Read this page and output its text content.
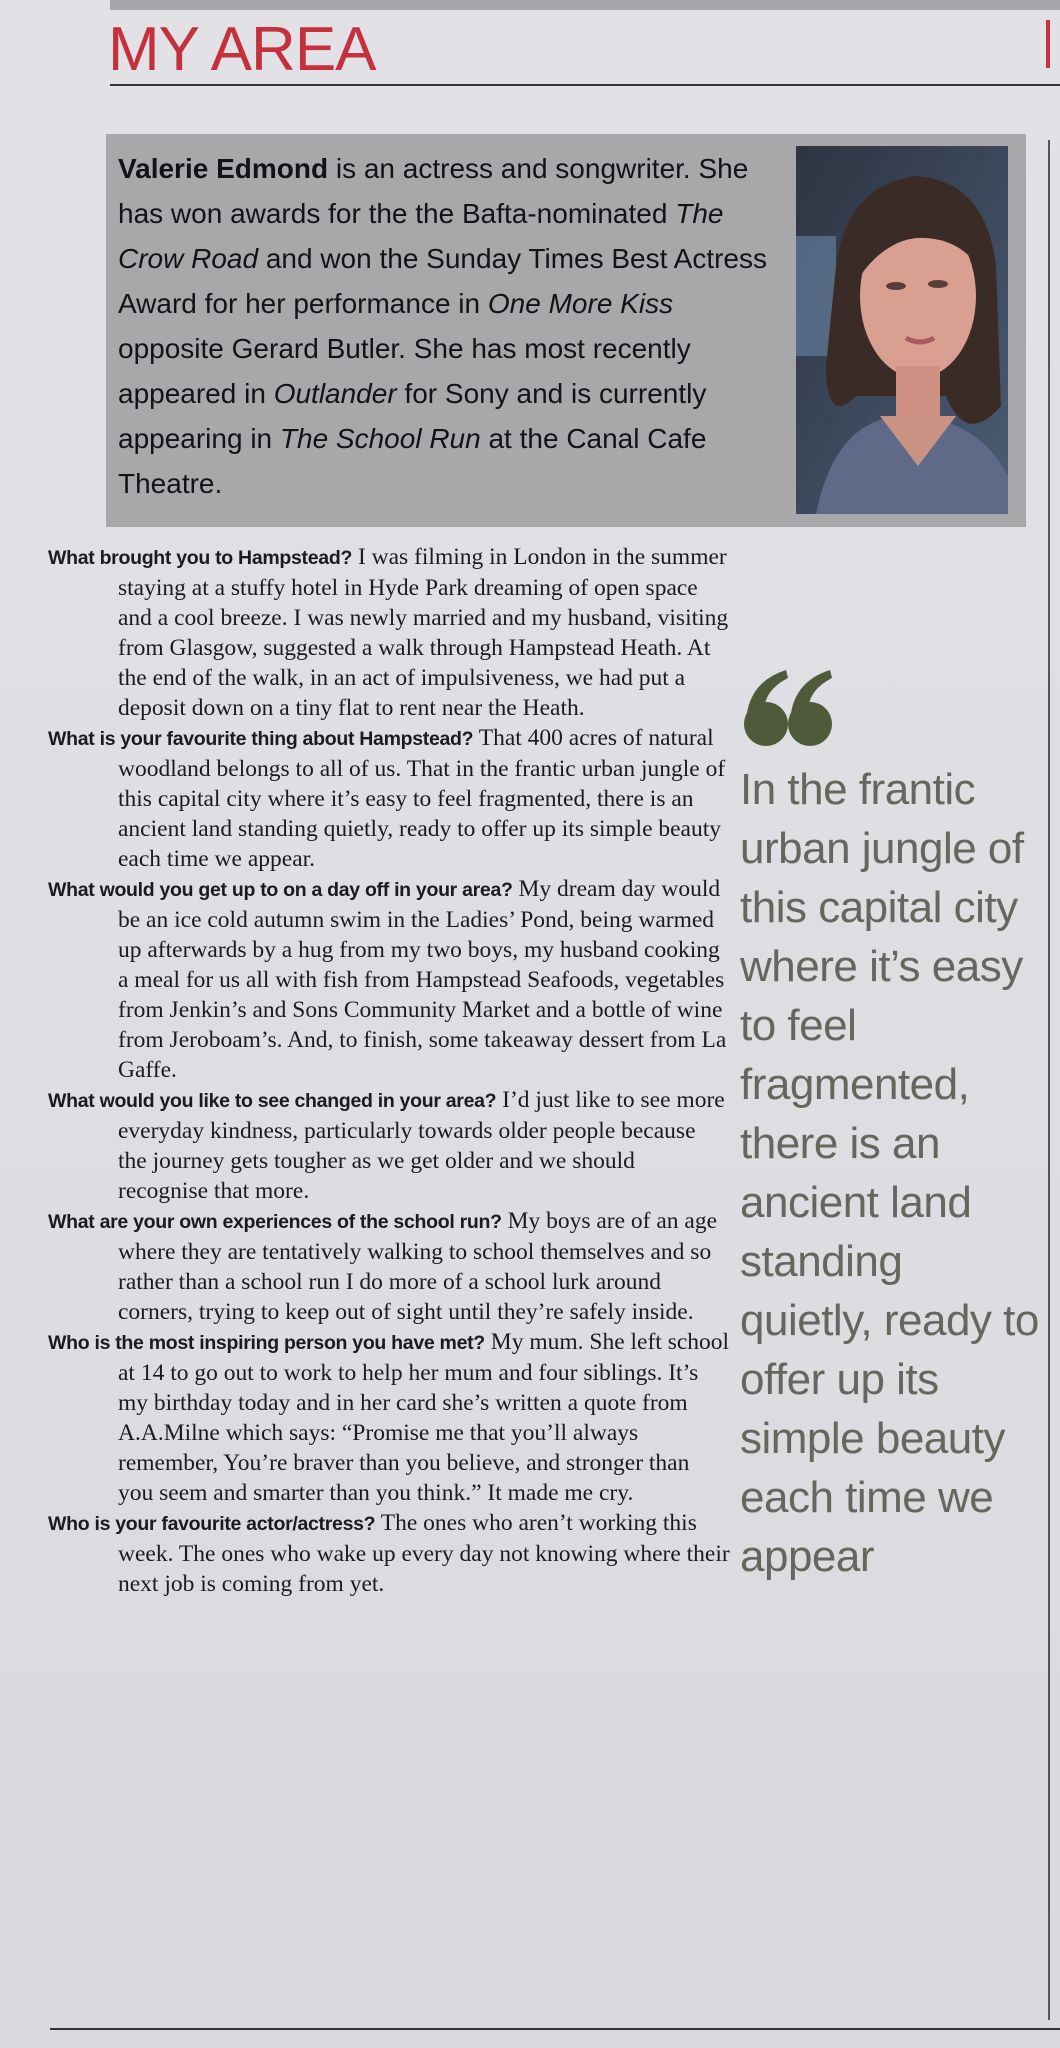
MY AREA

Valerie Edmond is an actress and songwriter. She has won awards for the the Bafta-nominated The Crow Road and won the Sunday Times Best Actress Award for her performance in One More Kiss opposite Gerard Butler. She has most recently appeared in Outlander for Sony and is currently appearing in The School Run at the Canal Cafe Theatre.

What brought you to Hampstead? I was filming in London in the summer staying at a stuffy hotel in Hyde Park dreaming of open space and a cool breeze. I was newly married and my husband, visiting from Glasgow, suggested a walk through Hampstead Heath. At the end of the walk, in an act of impulsiveness, we had put a deposit down on a tiny flat to rent near the Heath.

What is your favourite thing about Hampstead? That 400 acres of natural woodland belongs to all of us. That in the frantic urban jungle of this capital city where it’s easy to feel fragmented, there is an ancient land standing quietly, ready to offer up its simple beauty each time we appear.

What would you get up to on a day off in your area? My dream day would be an ice cold autumn swim in the Ladies’ Pond, being warmed up afterwards by a hug from my two boys, my husband cooking a meal for us all with fish from Hampstead Seafoods, vegetables from Jenkin’s and Sons Community Market and a bottle of wine from Jeroboam’s. And, to finish, some takeaway dessert from La Gaffe.

What would you like to see changed in your area? I’d just like to see more everyday kindness, particularly towards older people because the journey gets tougher as we get older and we should recognise that more.

What are your own experiences of the school run? My boys are of an age where they are tentatively walking to school themselves and so rather than a school run I do more of a school lurk around corners, trying to keep out of sight until they’re safely inside.

Who is the most inspiring person you have met? My mum. She left school at 14 to go out to work to help her mum and four siblings. It’s my birthday today and in her card she’s written a quote from A.A.Milne which says: “Promise me that you’ll always remember, You’re braver than you believe, and stronger than you seem and smarter than you think.” It made me cry.

Who is your favourite actor/actress? The ones who aren’t working this week. The ones who wake up every day not knowing where their next job is coming from yet.

In the frantic urban jungle of this capital city where it’s easy to feel fragmented, there is an ancient land standing quietly, ready to offer up its simple beauty each time we appear
